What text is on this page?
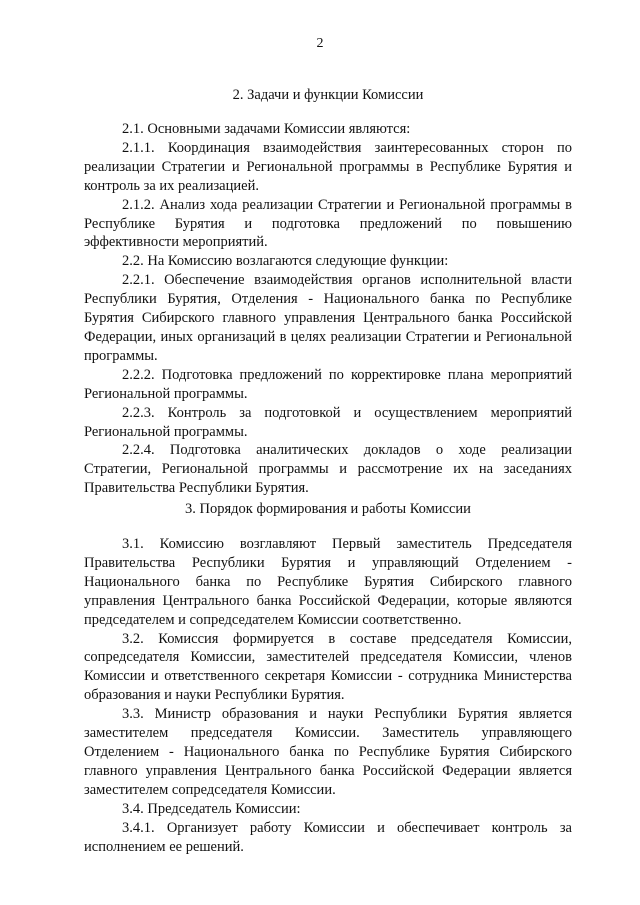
2
2. Задачи и функции Комиссии

2.1. Основными задачами Комиссии являются:

2.1.1. Координация взаимодействия заинтересованных сторон по реализации Стратегии и Региональной программы в Республике Бурятия и контроль за их реализацией.

2.1.2. Анализ хода реализации Стратегии и Региональной программы в Республике Бурятия и подготовка предложений по повышению эффективности мероприятий.

2.2. На Комиссию возлагаются следующие функции:

2.2.1. Обеспечение взаимодействия органов исполнительной власти Республики Бурятия, Отделения - Национального банка по Республике Бурятия Сибирского главного управления Центрального банка Российской Федерации, иных организаций в целях реализации Стратегии и Региональной программы.

2.2.2. Подготовка предложений по корректировке плана мероприятий Региональной программы.

2.2.3. Контроль за подготовкой и осуществлением мероприятий Региональной программы.

2.2.4. Подготовка аналитических докладов о ходе реализации Стратегии, Региональной программы и рассмотрение их на заседаниях Правительства Республики Бурятия.

3. Порядок формирования и работы Комиссии

3.1. Комиссию возглавляют Первый заместитель Председателя Правительства Республики Бурятия и управляющий Отделением - Национального банка по Республике Бурятия Сибирского главного управления Центрального банка Российской Федерации, которые являются председателем и сопредседателем Комиссии соответственно.

3.2. Комиссия формируется в составе председателя Комиссии, сопредседателя Комиссии, заместителей председателя Комиссии, членов Комиссии и ответственного секретаря Комиссии - сотрудника Министерства образования и науки Республики Бурятия.

3.3. Министр образования и науки Республики Бурятия является заместителем председателя Комиссии. Заместитель управляющего Отделением - Национального банка по Республике Бурятия Сибирского главного управления Центрального банка Российской Федерации является заместителем сопредседателя Комиссии.

3.4. Председатель Комиссии:

3.4.1. Организует работу Комиссии и обеспечивает контроль за исполнением ее решений.
